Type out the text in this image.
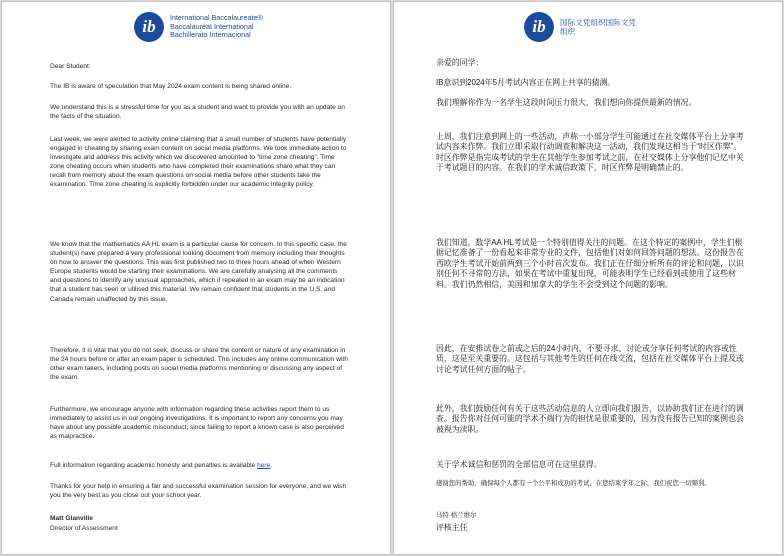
ib	International Baccalaureate®
Baccalauréat International
Bachillerato Internacional

Dear Student:

The IB is aware of speculation that May 2024 exam content is being shared online.

We understand this is a stressful time for you as a student and want to provide you with an update on the facts of the situation.

Last week, we were alerted to activity online claiming that a small number of students have potentially engaged in cheating by sharing exam content on social media platforms. We took immediate action to investigate and address this activity which we discovered amounted to "time zone cheating". Time zone cheating occurs when students who have completed their examinations share what they can recall from memory about the exam questions on social media before other students take the examination. Time zone cheating is explicitly forbidden under our academic integrity policy.

We know that the mathematics AA HL exam is a particular cause for concern. In this specific case, the student(s) have prepared a very professional looking document from memory including their thoughts on how to answer the questions. This was first published two to three hours ahead of when Western Europe students would be starting their examinations. We are carefully analysing all the comments and questions to identify any unusual approaches, which if repeated in an exam may be an indication that a student has seen or utilised this material. We remain confident that students in the U.S. and Canada remain unaffected by this issue.

Therefore, it is vital that you do not seek, discuss or share the content or nature of any examination in the 24 hours before or after an exam paper is scheduled. This includes any online communication with other exam takers, including posts on social media platforms mentioning or discussing any aspect of the exam.

Furthermore, we encourage anyone with information regarding these activities report them to us immediately to assist us in our ongoing investigations. It is important to report any concerns you may have about any possible academic misconduct, since failing to report a known case is also perceived as malpractice.

Full information regarding academic honesty and penalties is available here.

Thanks for your help in ensuring a fair and successful examination session for everyone, and we wish you the very best as you close out your school year.

Matt Glanville

Director of Assessment

ib	国际文凭组织国际文凭
组织

亲爱的同学：

IB意识到2024年5月考试内容正在网上共享的猜测。

我们理解你作为一名学生这段时间压力很大，我们想向你提供最新的情况。

上周，我们注意到网上的一些活动，声称一小部分学生可能通过在社交媒体平台上分享考试内容来作弊。我们立即采取行动调查和解决这一活动，我们发现这相当于“时区作弊”。时区作弊是指完成考试的学生在其他学生参加考试之前，在社交媒体上分享他们记忆中关于考试题目的内容。在我们的学术诚信政策下，时区作弊是明确禁止的。

我们知道，数学AA HL考试是一个特别值得关注的问题。在这个特定的案例中，学生们根据记忆准备了一份看起来非常专业的文件，包括他们对如何回答问题的想法。这份报告在西欧学生考试开始前两到三个小时首次发布。我们正在仔细分析所有的评论和问题，以识别任何不寻常的方法，如果在考试中重复出现，可能表明学生已经看到或使用了这些材料。我们仍然相信，美国和加拿大的学生不会受到这个问题的影响。

因此，在安排试卷之前或之后的24小时内，不要寻求、讨论或分享任何考试的内容或性质，这是至关重要的。这包括与其他考生的任何在线交流，包括在社交媒体平台上提及或讨论考试任何方面的帖子。

此外，我们鼓励任何有关于这些活动信息的人立即向我们报告，以协助我们正在进行的调查。报告你对任何可能的学术不端行为的担忧是很重要的，因为没有报告已知的案例也会被视为渎职。

关于学术诚信和惩罚的全部信息可在这里获得。

感谢您的帮助，确保每个人都有一个公平和成功的考试，在您结束学年之际，我们祝您一切顺利。

马特·格兰维尔

评核主任
